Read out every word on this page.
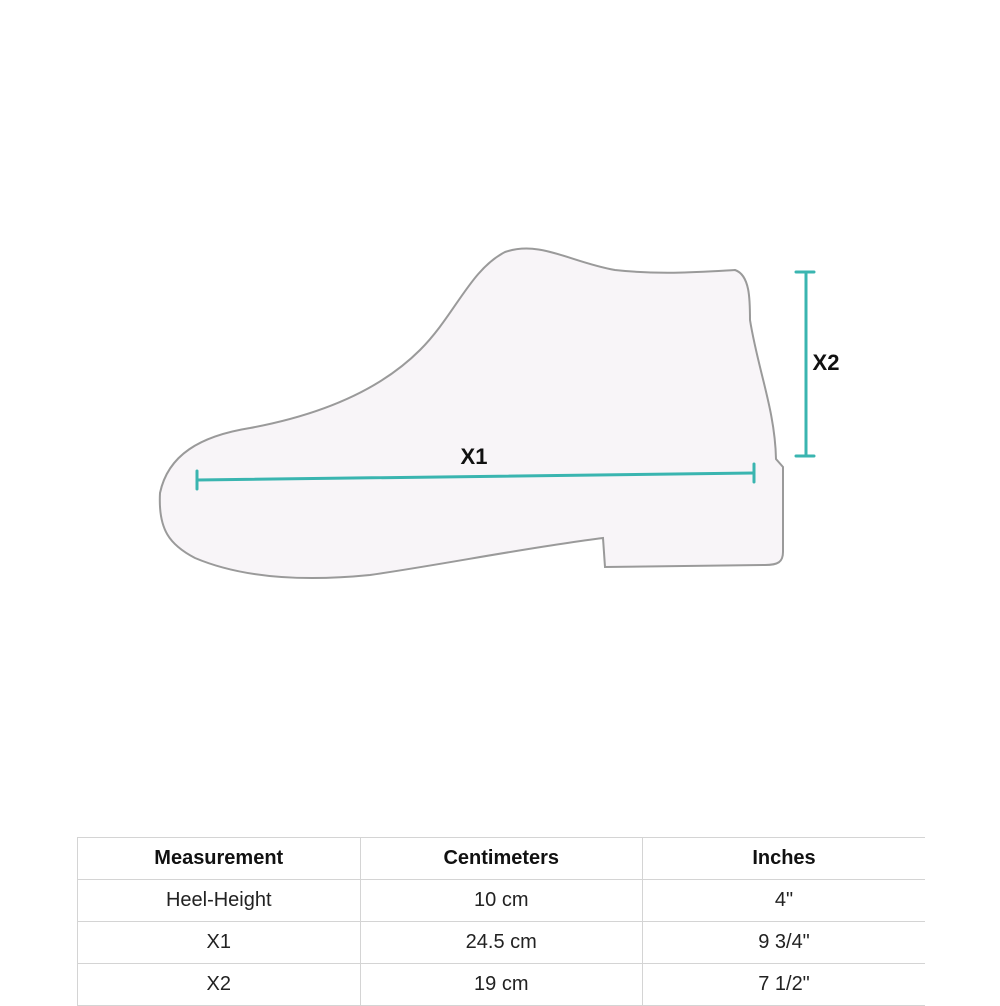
X1
X2
Measurement	Centimeters	Inches
Heel-Height	10 cm	4"
X1	24.5 cm	9 3/4"
X2	19 cm	7 1/2"
